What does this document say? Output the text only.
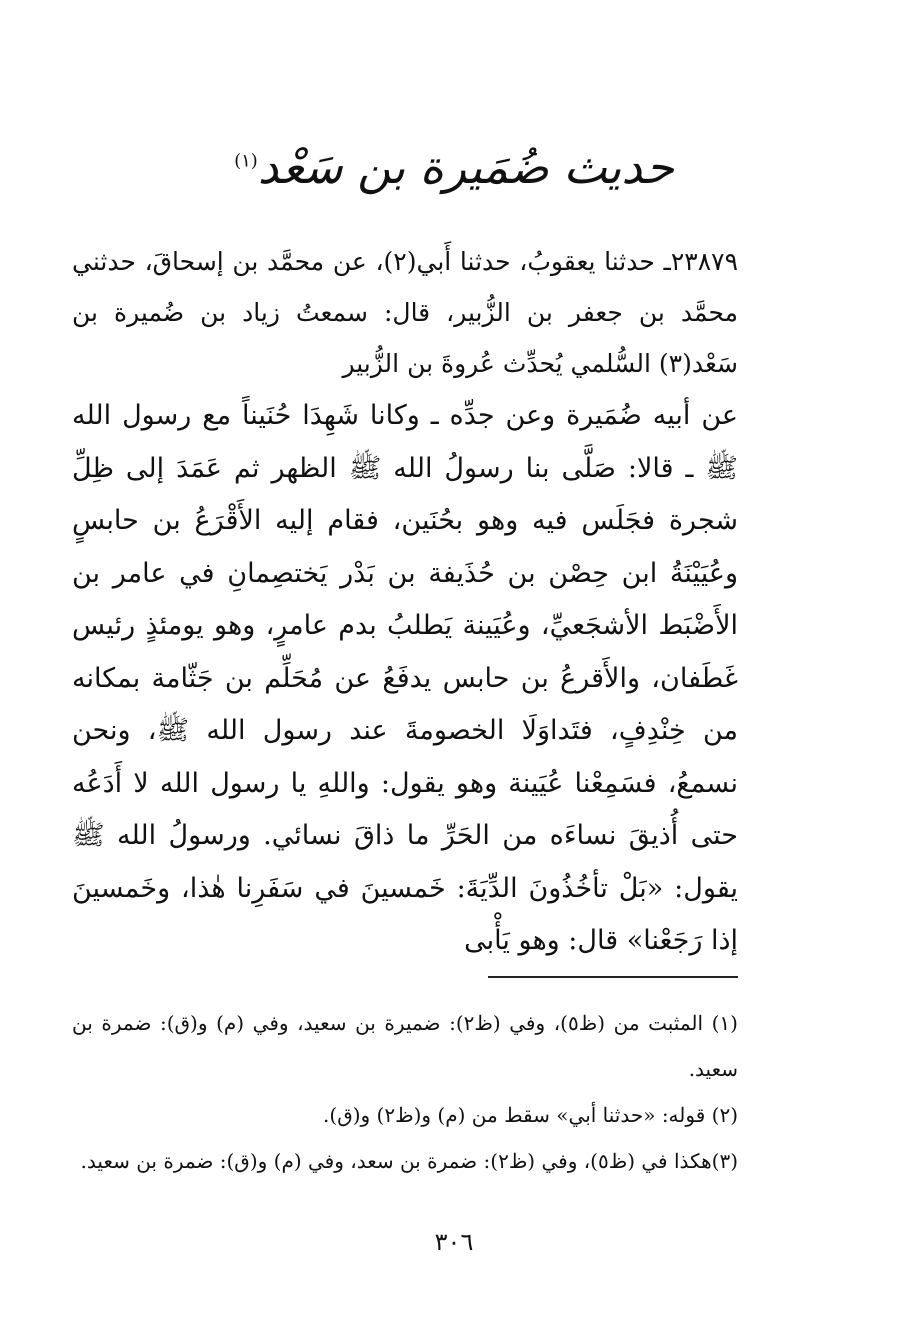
حديث ضُمَيرة بن سَعْد$^{(١)}$
٢٣٨٧٩ـ حدثنا يعقوبُ، حدثنا أَبي(٢)، عن محمَّد بن إسحاقَ، حدثني محمَّد بن جعفر بن الزُّبير، قال: سمعتُ زياد بن ضُميرة بن سَعْد(٣) السُّلمي يُحدِّث عُروةَ بن الزُّبير
عن أبيه ضُمَيرة وعن جدِّه ـ وكانا شَهِدَا حُنَيناً مع رسول الله ﷺ ـ قالا: صَلَّى بنا رسولُ الله ﷺ الظهر ثم عَمَدَ إلى ظِلِّ شجرة فجَلَس فيه وهو بحُنَين، فقام إليه الأَقْرَعُ بن حابسٍ وعُيَيْنَةُ ابن حِصْن بن حُذَيفة بن بَدْر يَختصِمانِ في عامر بن الأَضْبَط الأشجَعيِّ، وعُيَينة يَطلبُ بدم عامرٍ، وهو يومئذٍ رئيس غَطَفان، والأَقرعُ بن حابس يدفَعُ عن مُحَلِّم بن جَثّامة بمكانه من خِنْدِفٍ، فتَداوَلَا الخصومةَ عند رسول الله ﷺ، ونحن نسمعُ، فسَمِعْنا عُيَينة وهو يقول: واللهِ يا رسول الله لا أَدَعُه حتى أُذيقَ نساءَه من الحَرِّ ما ذاقَ نسائي. ورسولُ الله ﷺ يقول: «بَلْ تأخُذُونَ الدِّيَةَ: خَمسينَ في سَفَرِنا هٰذا، وخَمسينَ إذا رَجَعْنا» قال: وهو يَأْبى

(١) المثبت من (ظ٥)، وفي (ظ٢): ضميرة بن سعيد، وفي (م) و(ق): ضمرة بن سعيد.

(٢) قوله: «حدثنا أبي» سقط من (م) و(ظ٢) و(ق).

(٣)هكذا في (ظ٥)، وفي (ظ٢): ضمرة بن سعد، وفي (م) و(ق): ضمرة بن سعيد.

٣٠٦
